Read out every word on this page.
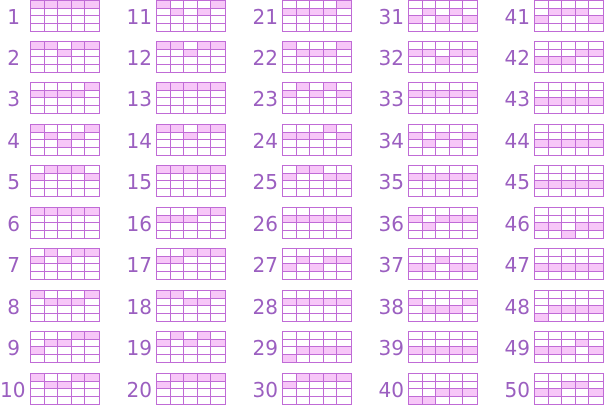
1
2
3
4
5
6
7
8
9
10
11
12
13
14
15
16
17
18
19
20
21
22
23
24
25
26
27
28
29
30
31
32
33
34
35
36
37
38
39
40
41
42
43
44
45
46
47
48
49
50
